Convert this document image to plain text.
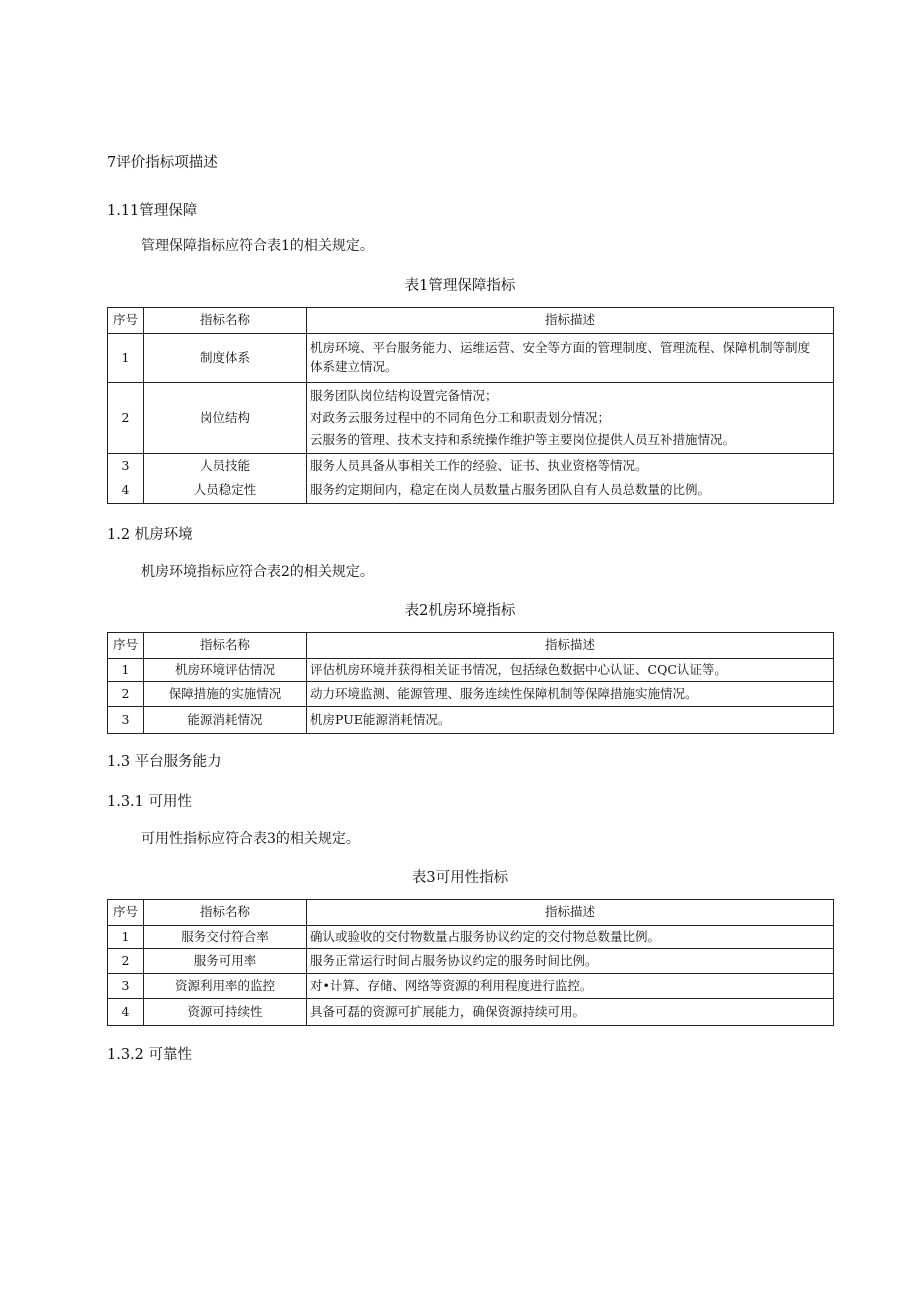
7评价指标项描述
1.11管理保障
管理保障指标应符合表1的相关规定。
表1管理保障指标
序号	指标名称	指标描述
1	制度体系	机房环境、平台服务能力、运维运营、安全等方面的管理制度、管理流程、保障机制等制度
体系建立情况。

2	岗位结构	服务团队岗位结构设置完备情况；
对政务云服务过程中的不同角色分工和职责划分情况；
云服务的管理、技术支持和系统操作维护等主要岗位提供人员互补措施情况。

3	人员技能	服务人员具备从事相关工作的经验、证书、执业资格等情况。

4	人员稳定性	服务约定期间内，稳定在岗人员数量占服务团队自有人员总数量的比例。
1.2 机房环境
机房环境指标应符合表2的相关规定。
表2机房环境指标
序号	指标名称	指标描述
1	机房环境评估情况	评估机房环境并获得相关证书情况，包括绿色数据中心认证、CQC认证等。
2	保障措施的实施情况	动力环境监测、能源管理、服务连续性保障机制等保障措施实施情况。
3	能源消耗情况	机房PUE能源消耗情况。
1.3 平台服务能力
1.3.1 可用性
可用性指标应符合表3的相关规定。
表3可用性指标
序号	指标名称	指标描述
1	服务交付符合率	确认或验收的交付物数量占服务协议约定的交付物总数量比例。
2	服务可用率	服务正常运行时间占服务协议约定的服务时间比例。
3	资源利用率的监控	对•计算、存储、网络等资源的利用程度进行监控。
4	资源可持续性	具备可磊的资源可扩展能力，确保资源持续可用。
1.3.2 可靠性
